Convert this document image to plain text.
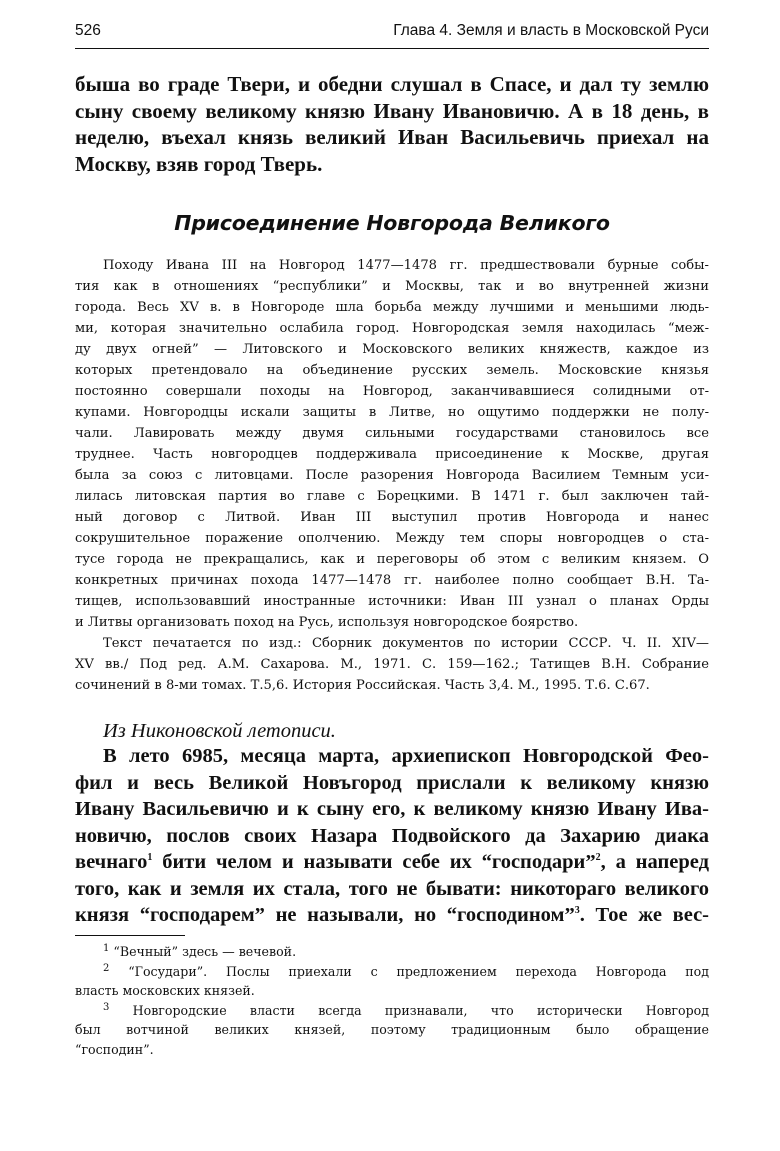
526	Глава 4. Земля и власть в Московской Руси
быша во граде Твери, и обедни слушал в Спасе, и дал ту землю
сыну своему великому князю Ивану Ивановичю. А в 18 день, в
неделю, въехал князь великий Иван Васильевичь приехал на
Москву, взяв город Тверь.
Присоединение Новгорода Великого
Походу Ивана III на Новгород 1477—1478 гг. предшествовали бурные собы-
тия как в отношениях “республики” и Москвы, так и во внутренней жизни
города. Весь XV в. в Новгороде шла борьба между лучшими и меньшими людь-
ми, которая значительно ослабила город. Новгородская земля находилась “меж-
ду двух огней” — Литовского и Московского великих княжеств, каждое из
которых претендовало на объединение русских земель. Московские князья
постоянно совершали походы на Новгород, заканчивавшиеся солидными от-
купами. Новгородцы искали защиты в Литве, но ощутимо поддержки не полу-
чали. Лавировать между двумя сильными государствами становилось все
труднее. Часть новгородцев поддерживала присоединение к Москве, другая
была за союз с литовцами. После разорения Новгорода Василием Темным уси-
лилась литовская партия во главе с Борецкими. В 1471 г. был заключен тай-
ный договор с Литвой. Иван III выступил против Новгорода и нанес
сокрушительное поражение ополчению. Между тем споры новгородцев о ста-
тусе города не прекращались, как и переговоры об этом с великим князем. О
конкретных причинах похода 1477—1478 гг. наиболее полно сообщает В.Н. Та-
тищев, использовавший иностранные источники: Иван III узнал о планах Орды
и Литвы организовать поход на Русь, используя новгородское боярство.
Текст печатается по изд.: Сборник документов по истории СССР. Ч. II. XIV—
XV вв./ Под ред. А.М. Сахарова. М., 1971. С. 159—162.; Татищев В.Н. Собрание
сочинений в 8-ми томах. Т.5,6. История Российская. Часть 3,4. М., 1995. Т.6. С.67.
Из Никоновской летописи.
В лето 6985, месяца марта, архиепископ Новгородской Фео-
фил и весь Великой Новъгород прислали к великому князю
Ивану Васильевичю и к сыну его, к великому князю Ивану Ива-
новичю, послов своих Назара Подвойского да Захарию диака
вечнаго$^1$ бити челом и называти себе их “господари”$^2$, а наперед
того, как и земля их стала, того не бывати: никотораго великого
князя “господарем” не называли, но “господином”$^3$. Тое же вес-
$^1$ “Вечный” здесь — вечевой.
$^2$ “Государи”. Послы приехали с предложением перехода Новгорода под
власть московских князей.
$^3$ Новгородские власти всегда признавали, что исторически Новгород
был вотчиной великих князей, поэтому традиционным было обращение
“господин”.
